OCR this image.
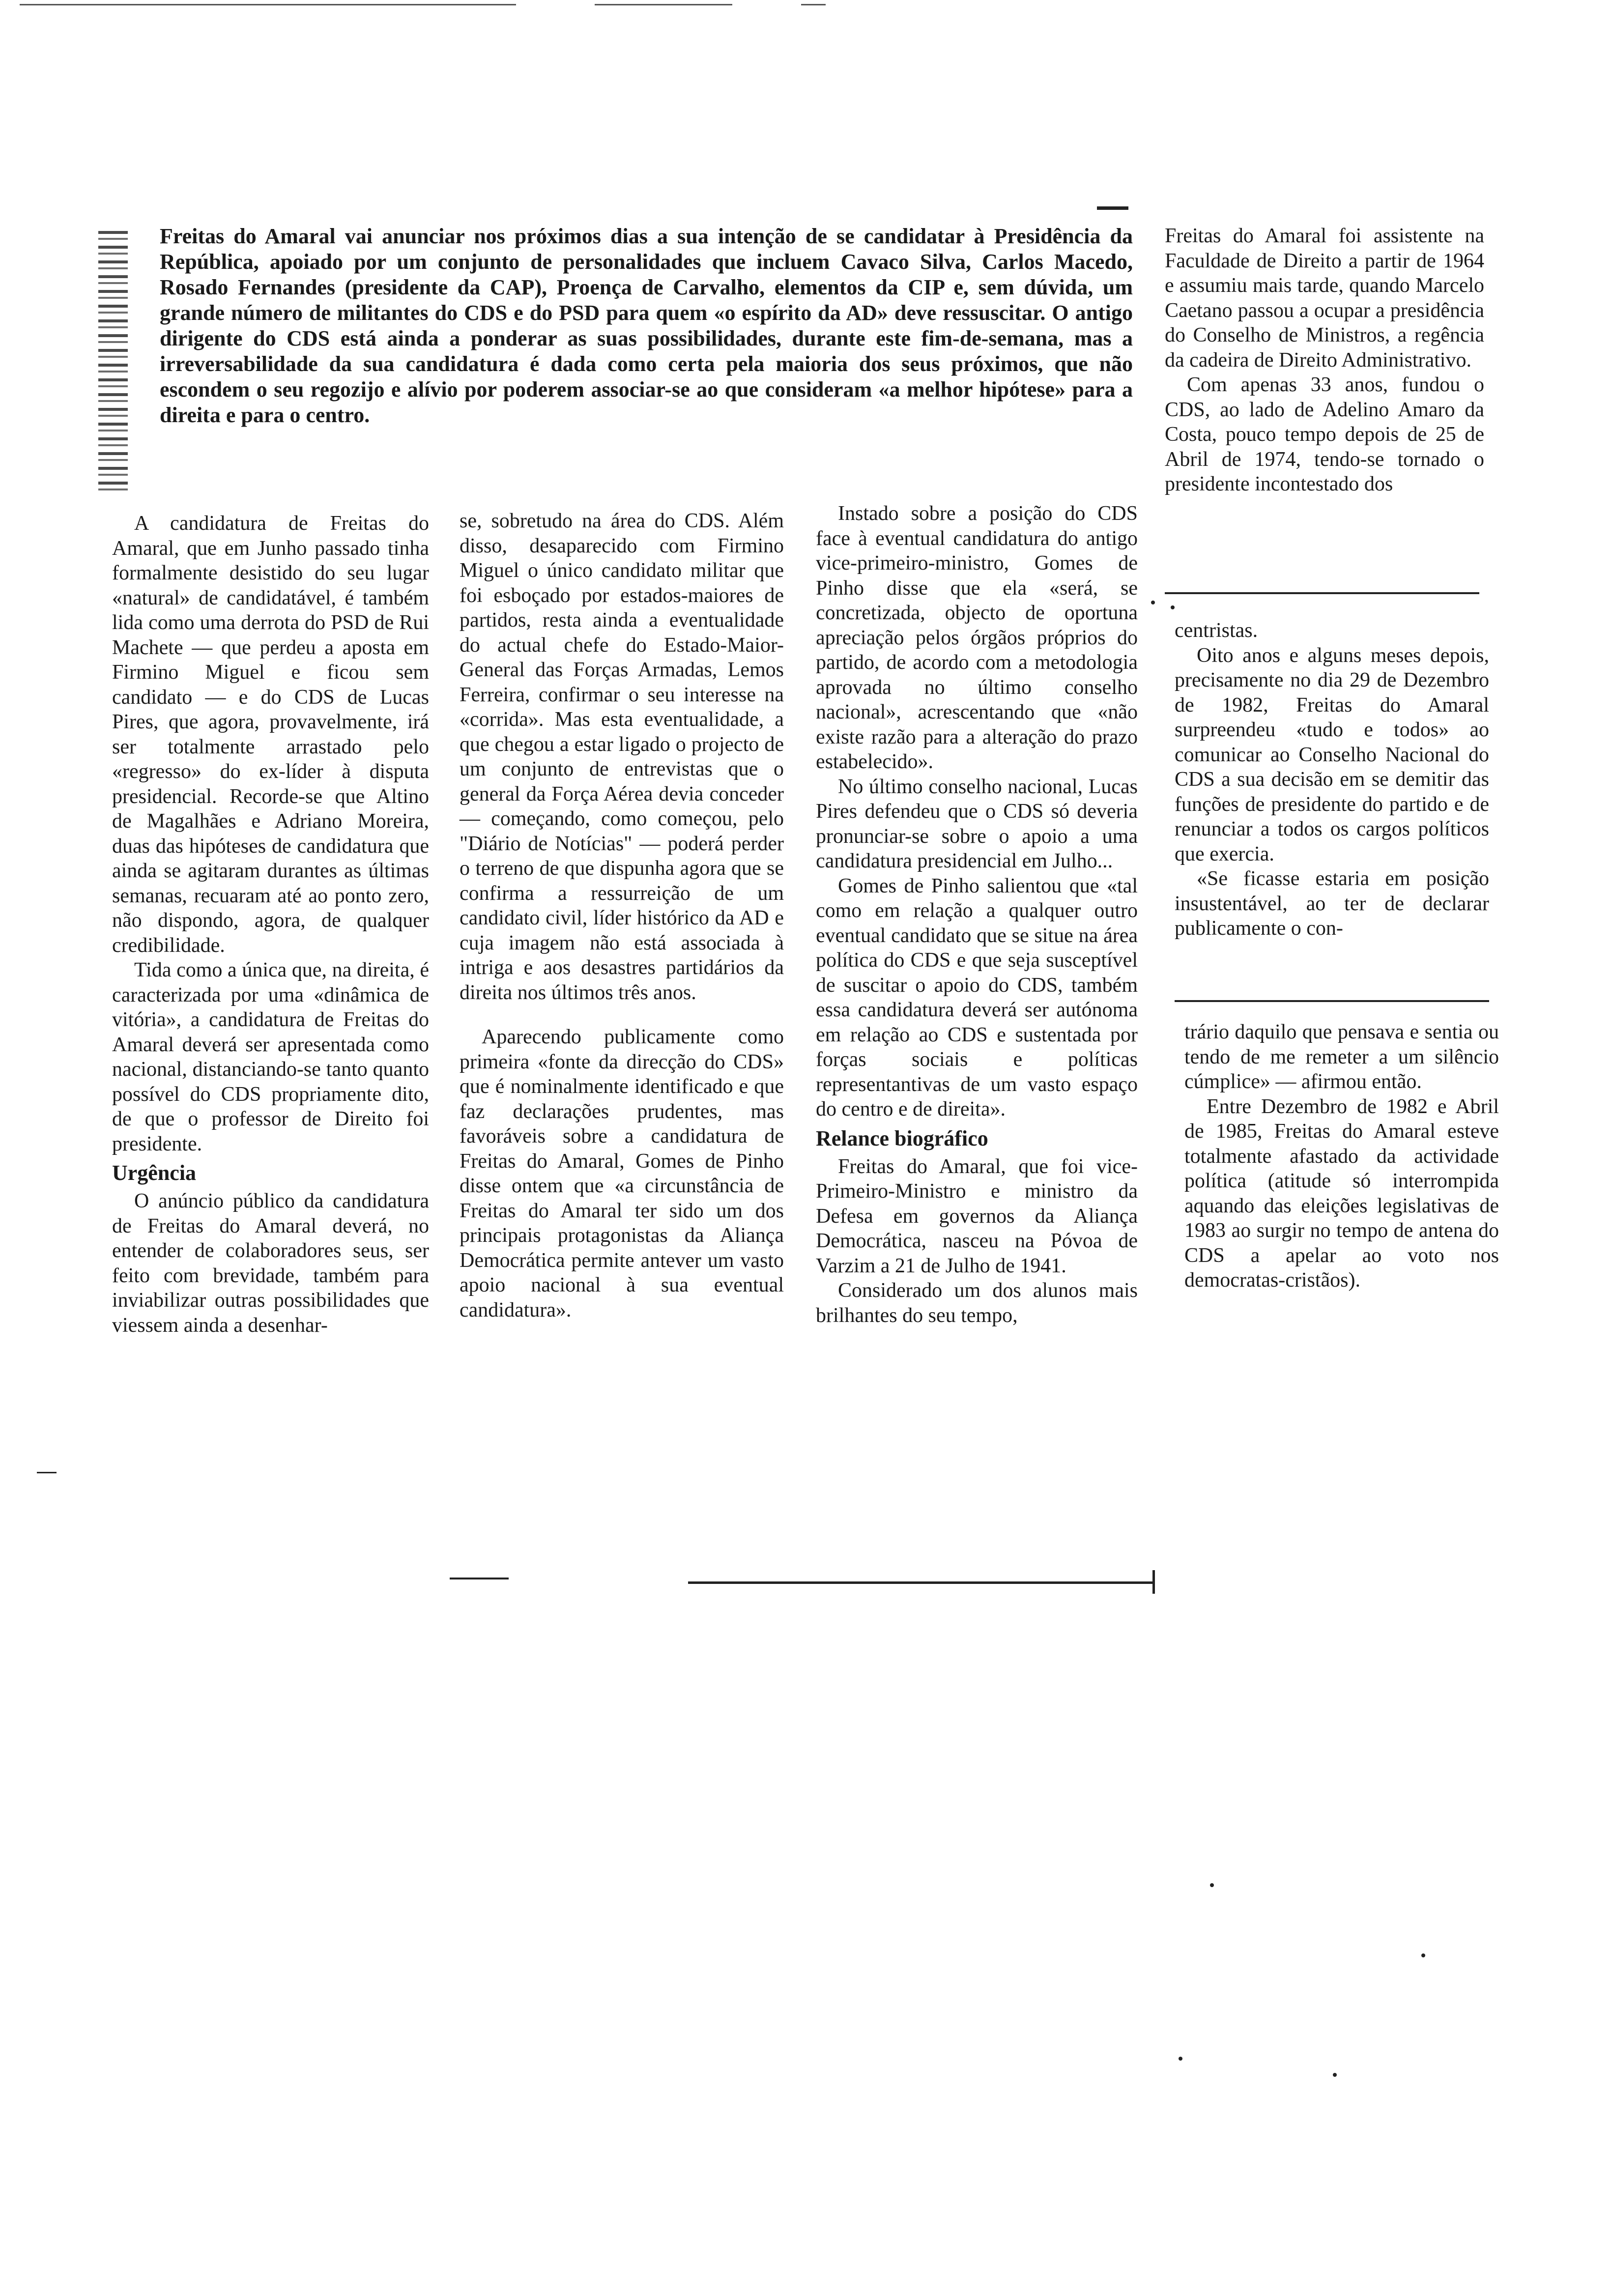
Freitas do Amaral vai anunciar nos próximos dias a sua intenção de se candidatar à Presidência da República, apoiado por um conjunto de personalidades que incluem Cavaco Silva, Carlos Macedo, Rosado Fernandes (presidente da CAP), Proença de Carvalho, elementos da CIP e, sem dúvida, um grande número de militantes do CDS e do PSD para quem «o espírito da AD» deve ressuscitar. O antigo dirigente do CDS está ainda a ponderar as suas possibilidades, durante este fim-de-semana, mas a irreversabilidade da sua candidatura é dada como certa pela maioria dos seus próximos, que não escondem o seu regozijo e alívio por poderem associar-se ao que consideram «a melhor hipótese» para a direita e para o centro.

A candidatura de Freitas do Amaral, que em Junho passado tinha formalmente desistido do seu lugar «natural» de candidatável, é também lida como uma derrota do PSD de Rui Machete — que perdeu a aposta em Firmino Miguel e ficou sem candidato — e do CDS de Lucas Pires, que agora, provavelmente, irá ser totalmente arrastado pelo «regresso» do ex-líder à disputa presidencial. Recorde-se que Altino de Magalhães e Adriano Moreira, duas das hipóteses de candidatura que ainda se agitaram durantes as últimas semanas, recuaram até ao ponto zero, não dispondo, agora, de qualquer credibilidade.

Tida como a única que, na direita, é caracterizada por uma «dinâmica de vitória», a candidatura de Freitas do Amaral deverá ser apresentada como nacional, distanciando-se tanto quanto possível do CDS propriamente dito, de que o professor de Direito foi presidente.

Urgência

O anúncio público da candidatura de Freitas do Amaral deverá, no entender de colaboradores seus, ser feito com brevidade, também para inviabilizar outras possibilidades que viessem ainda a desenhar-

se, sobretudo na área do CDS. Além disso, desaparecido com Firmino Miguel o único candidato militar que foi esboçado por estados-maiores de partidos, resta ainda a eventualidade do actual chefe do Estado-Maior-General das Forças Armadas, Lemos Ferreira, confirmar o seu interesse na «corrida». Mas esta eventualidade, a que chegou a estar ligado o projecto de um conjunto de entrevistas que o general da Força Aérea devia conceder — começando, como começou, pelo "Diário de Notícias" — poderá perder o terreno de que dispunha agora que se confirma a ressurreição de um candidato civil, líder histórico da AD e cuja imagem não está associada à intriga e aos desastres partidários da direita nos últimos três anos.

Aparecendo publicamente como primeira «fonte da direcção do CDS» que é nominalmente identificado e que faz declarações prudentes, mas favoráveis sobre a candidatura de Freitas do Amaral, Gomes de Pinho disse ontem que «a circunstância de Freitas do Amaral ter sido um dos principais protagonistas da Aliança Democrática permite antever um vasto apoio nacional à sua eventual candidatura».

Instado sobre a posição do CDS face à eventual candidatura do antigo vice-primeiro-ministro, Gomes de Pinho disse que ela «será, se concretizada, objecto de oportuna apreciação pelos órgãos próprios do partido, de acordo com a metodologia aprovada no último conselho nacional», acrescentando que «não existe razão para a alteração do prazo estabelecido».

No último conselho nacional, Lucas Pires defendeu que o CDS só deveria pronunciar-se sobre o apoio a uma candidatura presidencial em Julho...

Gomes de Pinho salientou que «tal como em relação a qualquer outro eventual candidato que se situe na área política do CDS e que seja susceptível de suscitar o apoio do CDS, também essa candidatura deverá ser autónoma em relação ao CDS e sustentada por forças sociais e políticas representantivas de um vasto espaço do centro e de direita».

Relance biográfico

Freitas do Amaral, que foi vice-Primeiro-Ministro e ministro da Defesa em governos da Aliança Democrática, nasceu na Póvoa de Varzim a 21 de Julho de 1941.

Considerado um dos alunos mais brilhantes do seu tempo,

Freitas do Amaral foi assistente na Faculdade de Direito a partir de 1964 e assumiu mais tarde, quando Marcelo Caetano passou a ocupar a presidência do Conselho de Ministros, a regência da cadeira de Direito Administrativo.

Com apenas 33 anos, fundou o CDS, ao lado de Adelino Amaro da Costa, pouco tempo depois de 25 de Abril de 1974, tendo-se tornado o presidente incontestado dos

centristas.

Oito anos e alguns meses depois, precisamente no dia 29 de Dezembro de 1982, Freitas do Amaral surpreendeu «tudo e todos» ao comunicar ao Conselho Nacional do CDS a sua decisão em se demitir das funções de presidente do partido e de renunciar a todos os cargos políticos que exercia.

«Se ficasse estaria em posição insustentável, ao ter de declarar publicamente o con-

trário daquilo que pensava e sentia ou tendo de me remeter a um silêncio cúmplice» — afirmou então.

Entre Dezembro de 1982 e Abril de 1985, Freitas do Amaral esteve totalmente afastado da actividade política (atitude só interrompida aquando das eleições legislativas de 1983 ao surgir no tempo de antena do CDS a apelar ao voto nos democratas-cristãos).
